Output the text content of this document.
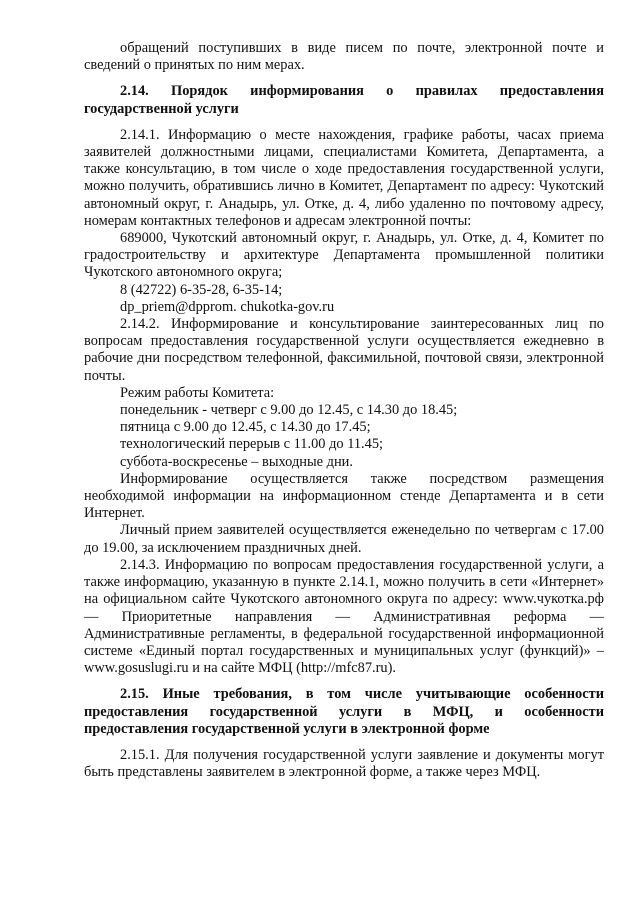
обращений поступивших в виде писем по почте, электронной почте и сведений о принятых по ним мерах.

2.14. Порядок информирования о правилах предоставления государственной услуги

2.14.1. Информацию о месте нахождения, графике работы, часах приема заявителей должностными лицами, специалистами Комитета, Департамента, а также консультацию, в том числе о ходе предоставления государственной услуги, можно получить, обратившись лично в Комитет, Департамент по адресу: Чукотский автономный округ, г. Анадырь, ул. Отке, д. 4, либо удаленно по почтовому адресу, номерам контактных телефонов и адресам электронной почты:

689000, Чукотский автономный округ, г. Анадырь, ул. Отке, д. 4, Комитет по градостроительству и архитектуре Департамента промышленной политики Чукотского автономного округа;

8 (42722) 6-35-28, 6-35-14;

dp_priem@dpprom. chukotka-gov.ru

2.14.2. Информирование и консультирование заинтересованных лиц по вопросам предоставления государственной услуги осуществляется ежедневно в рабочие дни посредством телефонной, факсимильной, почтовой связи, электронной почты.

Режим работы Комитета:

понедельник - четверг с 9.00 до 12.45, с 14.30 до 18.45;

пятница с 9.00 до 12.45, с 14.30 до 17.45;

технологический перерыв с 11.00 до 11.45;

суббота-воскресенье – выходные дни.

Информирование осуществляется также посредством размещения необходимой информации на информационном стенде Департамента и в сети Интернет.

Личный прием заявителей осуществляется еженедельно по четвергам с 17.00 до 19.00, за исключением праздничных дней.

2.14.3. Информацию по вопросам предоставления государственной услуги, а также информацию, указанную в пункте 2.14.1, можно получить в сети «Интернет» на официальном сайте Чукотского автономного округа по адресу: www.чукотка.рф — Приоритетные направления — Административная реформа — Административные регламенты, в федеральной государственной информационной системе «Единый портал государственных и муниципальных услуг (функций)» – www.gosuslugi.ru и на сайте МФЦ (http://mfc87.ru).

2.15. Иные требования, в том числе учитывающие особенности предоставления государственной услуги в МФЦ, и особенности предоставления государственной услуги в электронной форме

2.15.1. Для получения государственной услуги заявление и документы могут быть представлены заявителем в электронной форме, а также через МФЦ.
